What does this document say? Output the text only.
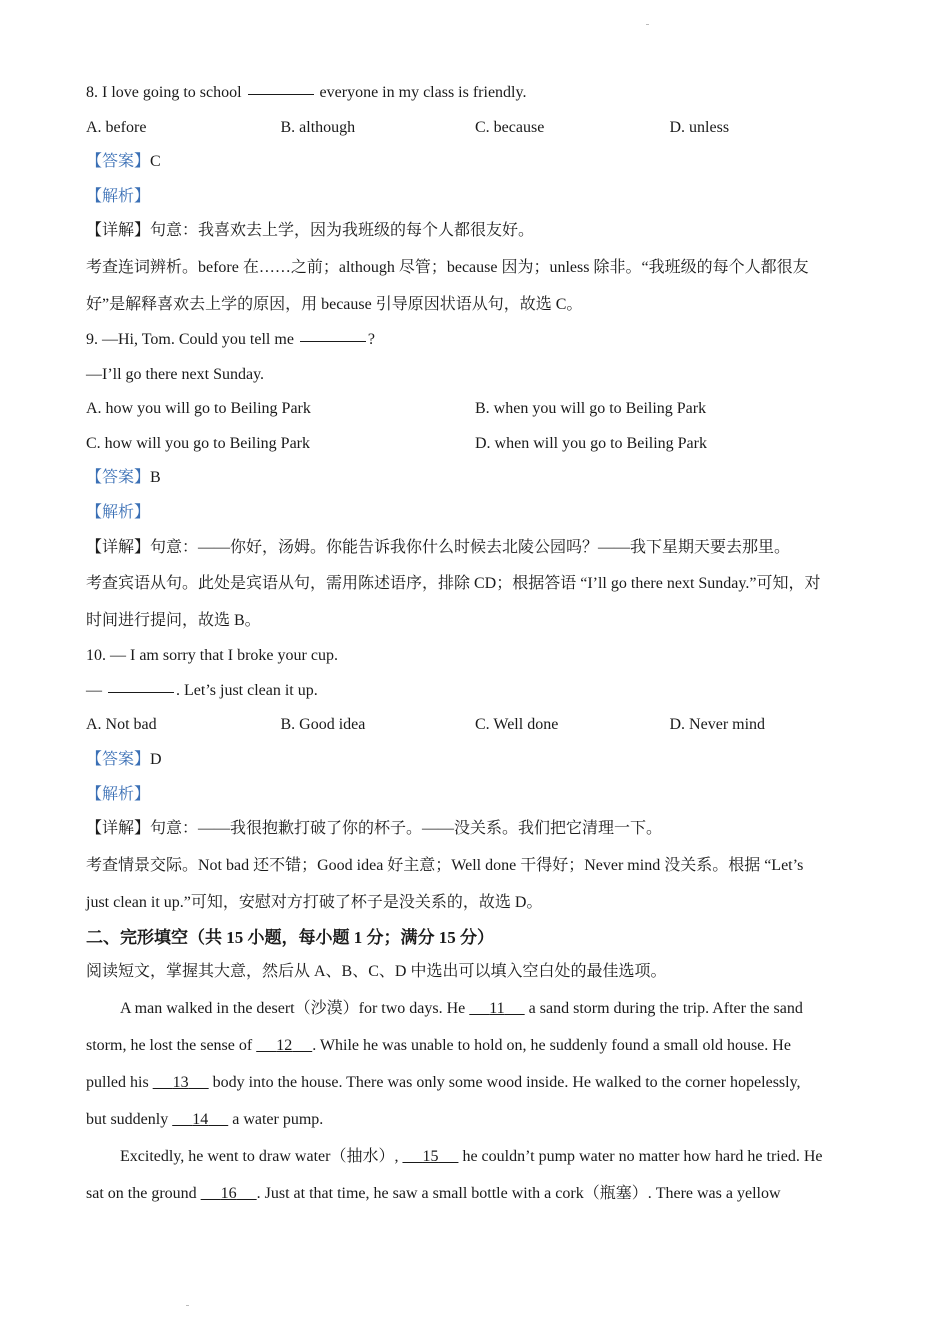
8. I love going to school	everyone in my class is friendly.
A. before	B. although	C. because	D. unless
【答案】C
【解析】
【详解】句意：我喜欢去上学，因为我班级的每个人都很友好。
考查连词辨析。before 在……之前；although 尽管；because 因为；unless 除非。“我班级的每个人都很友
好”是解释喜欢去上学的原因，用 because 引导原因状语从句，故选 C。
9. —Hi, Tom. Could you tell me	?
—I’ll go there next Sunday.
A. how you will go to Beiling Park	B. when you will go to Beiling Park
C. how will you go to Beiling Park	D. when will you go to Beiling Park
【答案】B
【解析】
【详解】句意：——你好，汤姆。你能告诉我你什么时候去北陵公园吗？——我下星期天要去那里。
考查宾语从句。此处是宾语从句，需用陈述语序，排除 CD；根据答语 “I’ll go there next Sunday.”可知，对
时间进行提问，故选 B。
10. — I am sorry that I broke your cup.
—	. Let’s just clean it up.
A. Not bad	B. Good idea	C. Well done	D. Never mind
【答案】D
【解析】
【详解】句意：——我很抱歉打破了你的杯子。——没关系。我们把它清理一下。
考查情景交际。Not bad 还不错；Good idea 好主意；Well done 干得好；Never mind 没关系。根据 “Let’s
just clean it up.”可知，安慰对方打破了杯子是没关系的，故选 D。
二、完形填空（共 15 小题，每小题 1 分；满分 15 分）
阅读短文，掌握其大意，然后从 A、B、C、D 中选出可以填入空白处的最佳选项。
A man walked in the desert（沙漠）for two days. He 11 a sand storm during the trip. After the sand
storm, he lost the sense of 12 . While he was unable to hold on, he suddenly found a small old house. He
pulled his 13 body into the house. There was only some wood inside. He walked to the corner hopelessly,
but suddenly 14 a water pump.
Excitedly, he went to draw water（抽水）, 15 he couldn’t pump water no matter how hard he tried. He
sat on the ground 16 . Just at that time, he saw a small bottle with a cork（瓶塞）. There was a yellow
